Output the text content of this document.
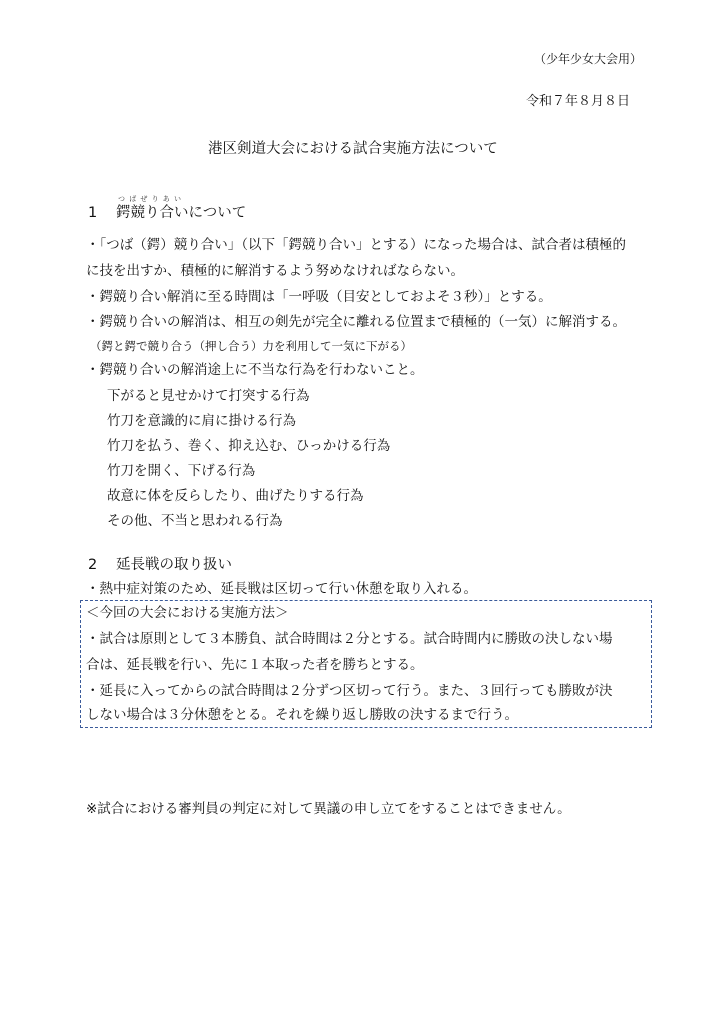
（少年少女大会用）
令和７年８月８日
港区剣道大会における試合実施方法について
1
つばぜりあい
鍔競り合いについて
・「つば（鍔）競り合い」（以下「鍔競り合い」とする）になった場合は、試合者は積極的
に技を出すか、積極的に解消するよう努めなければならない。
・鍔競り合い解消に至る時間は「一呼吸（目安としておよそ３秒）」とする。
・鍔競り合いの解消は、相互の剣先が完全に離れる位置まで積極的（一気）に解消する。
（鍔と鍔で競り合う（押し合う）力を利用して一気に下がる）
・鍔競り合いの解消途上に不当な行為を行わないこと。
下がると見せかけて打突する行為
竹刀を意識的に肩に掛ける行為
竹刀を払う、巻く、抑え込む、ひっかける行為
竹刀を開く、下げる行為
故意に体を反らしたり、曲げたりする行為
その他、不当と思われる行為
2 延長戦の取り扱い
・熱中症対策のため、延長戦は区切って行い休憩を取り入れる。
＜今回の大会における実施方法＞
・試合は原則として３本勝負、試合時間は２分とする。試合時間内に勝敗の決しない場
合は、延長戦を行い、先に１本取った者を勝ちとする。
・延長に入ってからの試合時間は２分ずつ区切って行う。また、３回行っても勝敗が決
しない場合は３分休憩をとる。それを繰り返し勝敗の決するまで行う。
※試合における審判員の判定に対して異議の申し立てをすることはできません。
